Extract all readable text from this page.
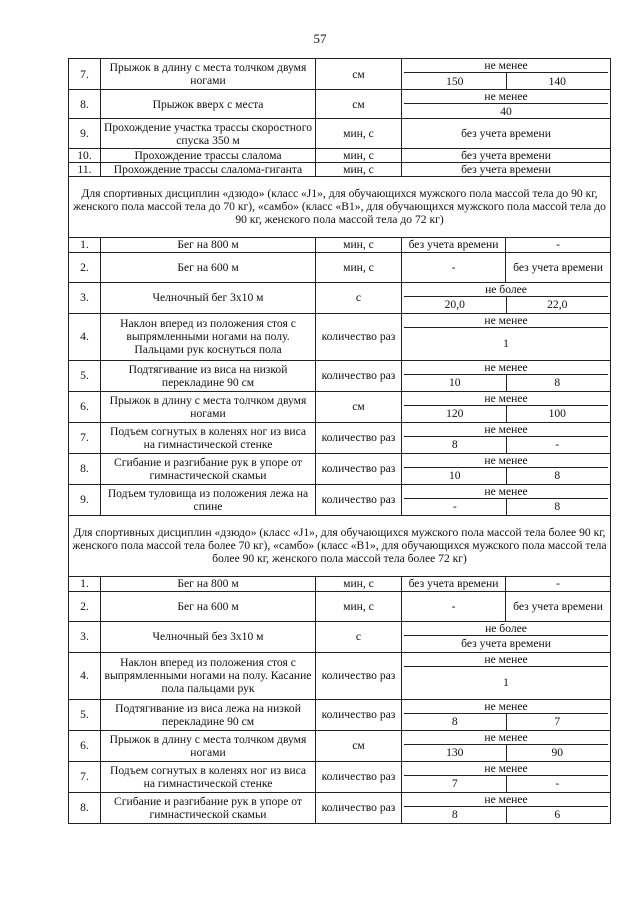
57
7.	Прыжок в длину с места толчком двумя ногами	см	не менее
150 140	

8.	Прыжок вверх с места	см	не менее
40	

9.	Прохождение участка трассы скоростного спуска 350 м	мин, с	без учета времени	
10.	Прохождение трассы слалома	мин, с	без учета времени	
11.	Прохождение трассы слалома-гиганта	мин, с	без учета времени	
Для спортивных дисциплин «дзюдо» (класс «J1», для обучающихся мужского пола массой тела до 90 кг, женского пола массой тела до 70 кг), «самбо» (класс «B1», для обучающихся мужского пола массой тела до 90 кг, женского пола массой тела до 72 кг)				
1.	Бег на 800 м	мин, с	без учета времени	-
2.	Бег на 600 м	мин, с	-	без учета времени
3.	Челночный бег 3x10 м	с	не более
20,0 22,0	

4.	Наклон вперед из положения стоя с выпрямленными ногами на полу. Пальцами рук коснуться пола	количество раз	не менее
1	

5.	Подтягивание из виса на низкой перекладине 90 см	количество раз	не менее
10 8	

6.	Прыжок в длину с места толчком двумя ногами	см	не менее
120 100	

7.	Подъем согнутых в коленях ног из виса на гимнастической стенке	количество раз	не менее
8 -	

8.	Сгибание и разгибание рук в упоре от гимнастической скамьи	количество раз	не менее
10 8	

9.	Подъем туловища из положения лежа на спине	количество раз	не менее
- 8	

Для спортивных дисциплин «дзюдо» (класс «J1», для обучающихся мужского пола массой тела более 90 кг, женского пола массой тела более 70 кг), «самбо» (класс «B1», для обучающихся мужского пола массой тела более 90 кг, женского пола массой тела более 72 кг)				
1.	Бег на 800 м	мин, с	без учета времени	-
2.	Бег на 600 м	мин, с	-	без учета времени
3.	Челночный без 3x10 м	с	не более
без учета времени	

4.	Наклон вперед из положения стоя с выпрямленными ногами на полу. Касание пола пальцами рук	количество раз	не менее
1	

5.	Подтягивание из виса лежа на низкой перекладине 90 см	количество раз	не менее
8 7	

6.	Прыжок в длину с места толчком двумя ногами	см	не менее
130 90	

7.	Подъем согнутых в коленях ног из виса на гимнастической стенке	количество раз	не менее
7 -	

8.	Сгибание и разгибание рук в упоре от гимнастической скамьи	количество раз	не менее
8 6	
